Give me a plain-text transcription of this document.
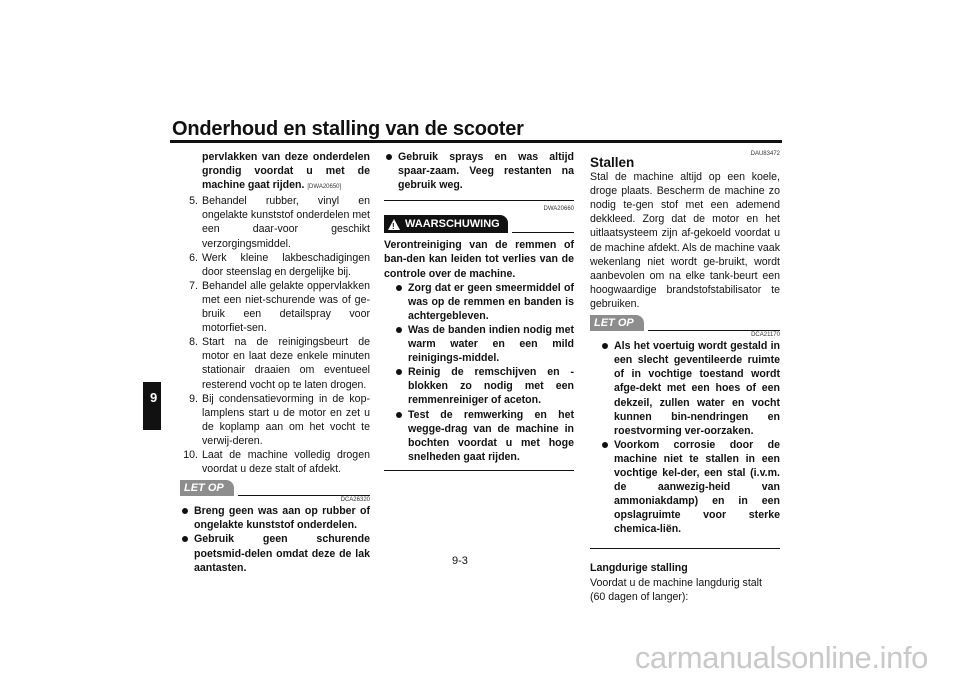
Onderhoud en stalling van de scooter
9
pervlakken van deze onderdelen grondig voordat u met de machine gaat rijden. [DWA20650]
5. Behandel rubber, vinyl en ongelakte kunststof onderdelen met een daar-voor geschikt verzorgingsmiddel.
6. Werk kleine lakbeschadigingen door steenslag en dergelijke bij.
7. Behandel alle gelakte oppervlakken met een niet-schurende was of ge-bruik een detailspray voor motorfiet-sen.
8. Start na de reinigingsbeurt de motor en laat deze enkele minuten stationair draaien om eventueel resterend vocht op te laten drogen.
9. Bij condensatievorming in de kop-lamplens start u de motor en zet u de koplamp aan om het vocht te verwij-deren.
10. Laat de machine volledig drogen voordat u deze stalt of afdekt.
LET OP
DCA26320
Breng geen was aan op rubber of ongelakte kunststof onderdelen.
Gebruik geen schurende poetsmid-delen omdat deze de lak aantasten.
Gebruik sprays en was altijd spaar-zaam. Veeg restanten na gebruik weg.
DWA20660
! WAARSCHUWING
Verontreiniging van de remmen of ban-den kan leiden tot verlies van de controle over de machine.
Zorg dat er geen smeermiddel of was op de remmen en banden is achtergebleven.
Was de banden indien nodig met warm water en een mild reinigings-middel.
Reinig de remschijven en -blokken zo nodig met een remmenreiniger of aceton.
Test de remwerking en het wegge-drag van de machine in bochten voordat u met hoge snelheden gaat rijden.
DAU83472
Stallen
Stal de machine altijd op een koele, droge plaats. Bescherm de machine zo nodig te-gen stof met een ademend dekkleed. Zorg dat de motor en het uitlaatsysteem zijn af-gekoeld voordat u de machine afdekt. Als de machine vaak wekenlang niet wordt ge-bruikt, wordt aanbevolen om na elke tank-beurt een hoogwaardige brandstofstabilisator te gebruiken.
LET OP
DCA21170
Als het voertuig wordt gestald in een slecht geventileerde ruimte of in vochtige toestand wordt afge-dekt met een hoes of een dekzeil, zullen water en vocht kunnen bin-nendringen en roestvorming ver-oorzaken.
Voorkom corrosie door de machine niet te stallen in een vochtige kel-der, een stal (i.v.m. de aanwezig-heid van ammoniakdamp) en in een opslagruimte voor sterke chemica-liën.
Langdurige stalling
Voordat u de machine langdurig stalt (60 dagen of langer):
9-3
carmanualsonline.info
